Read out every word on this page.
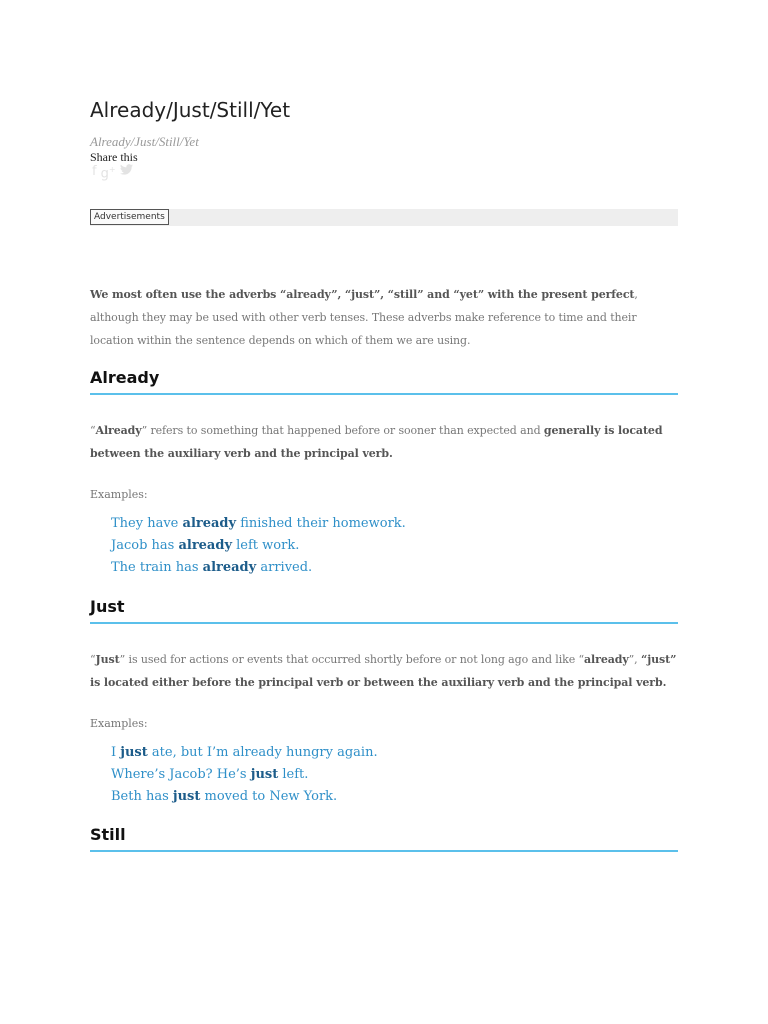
Already/Just/Still/Yet
Already/Just/Still/Yet
Share this
f g+
Advertisements

We most often use the adverbs “already”, “just”, “still” and “yet” with the present perfect, although they may be used with other verb tenses. These adverbs make reference to time and their location within the sentence depends on which of them we are using.

Already

“Already” refers to something that happened before or sooner than expected and generally is located between the auxiliary verb and the principal verb.

Examples:
They have already finished their homework.
Jacob has already left work.
The train has already arrived.
Just

“Just” is used for actions or events that occurred shortly before or not long ago and like “already”, “just” is located either before the principal verb or between the auxiliary verb and the principal verb.

Examples:
I just ate, but I’m already hungry again.
Where’s Jacob? He’s just left.
Beth has just moved to New York.
Still
